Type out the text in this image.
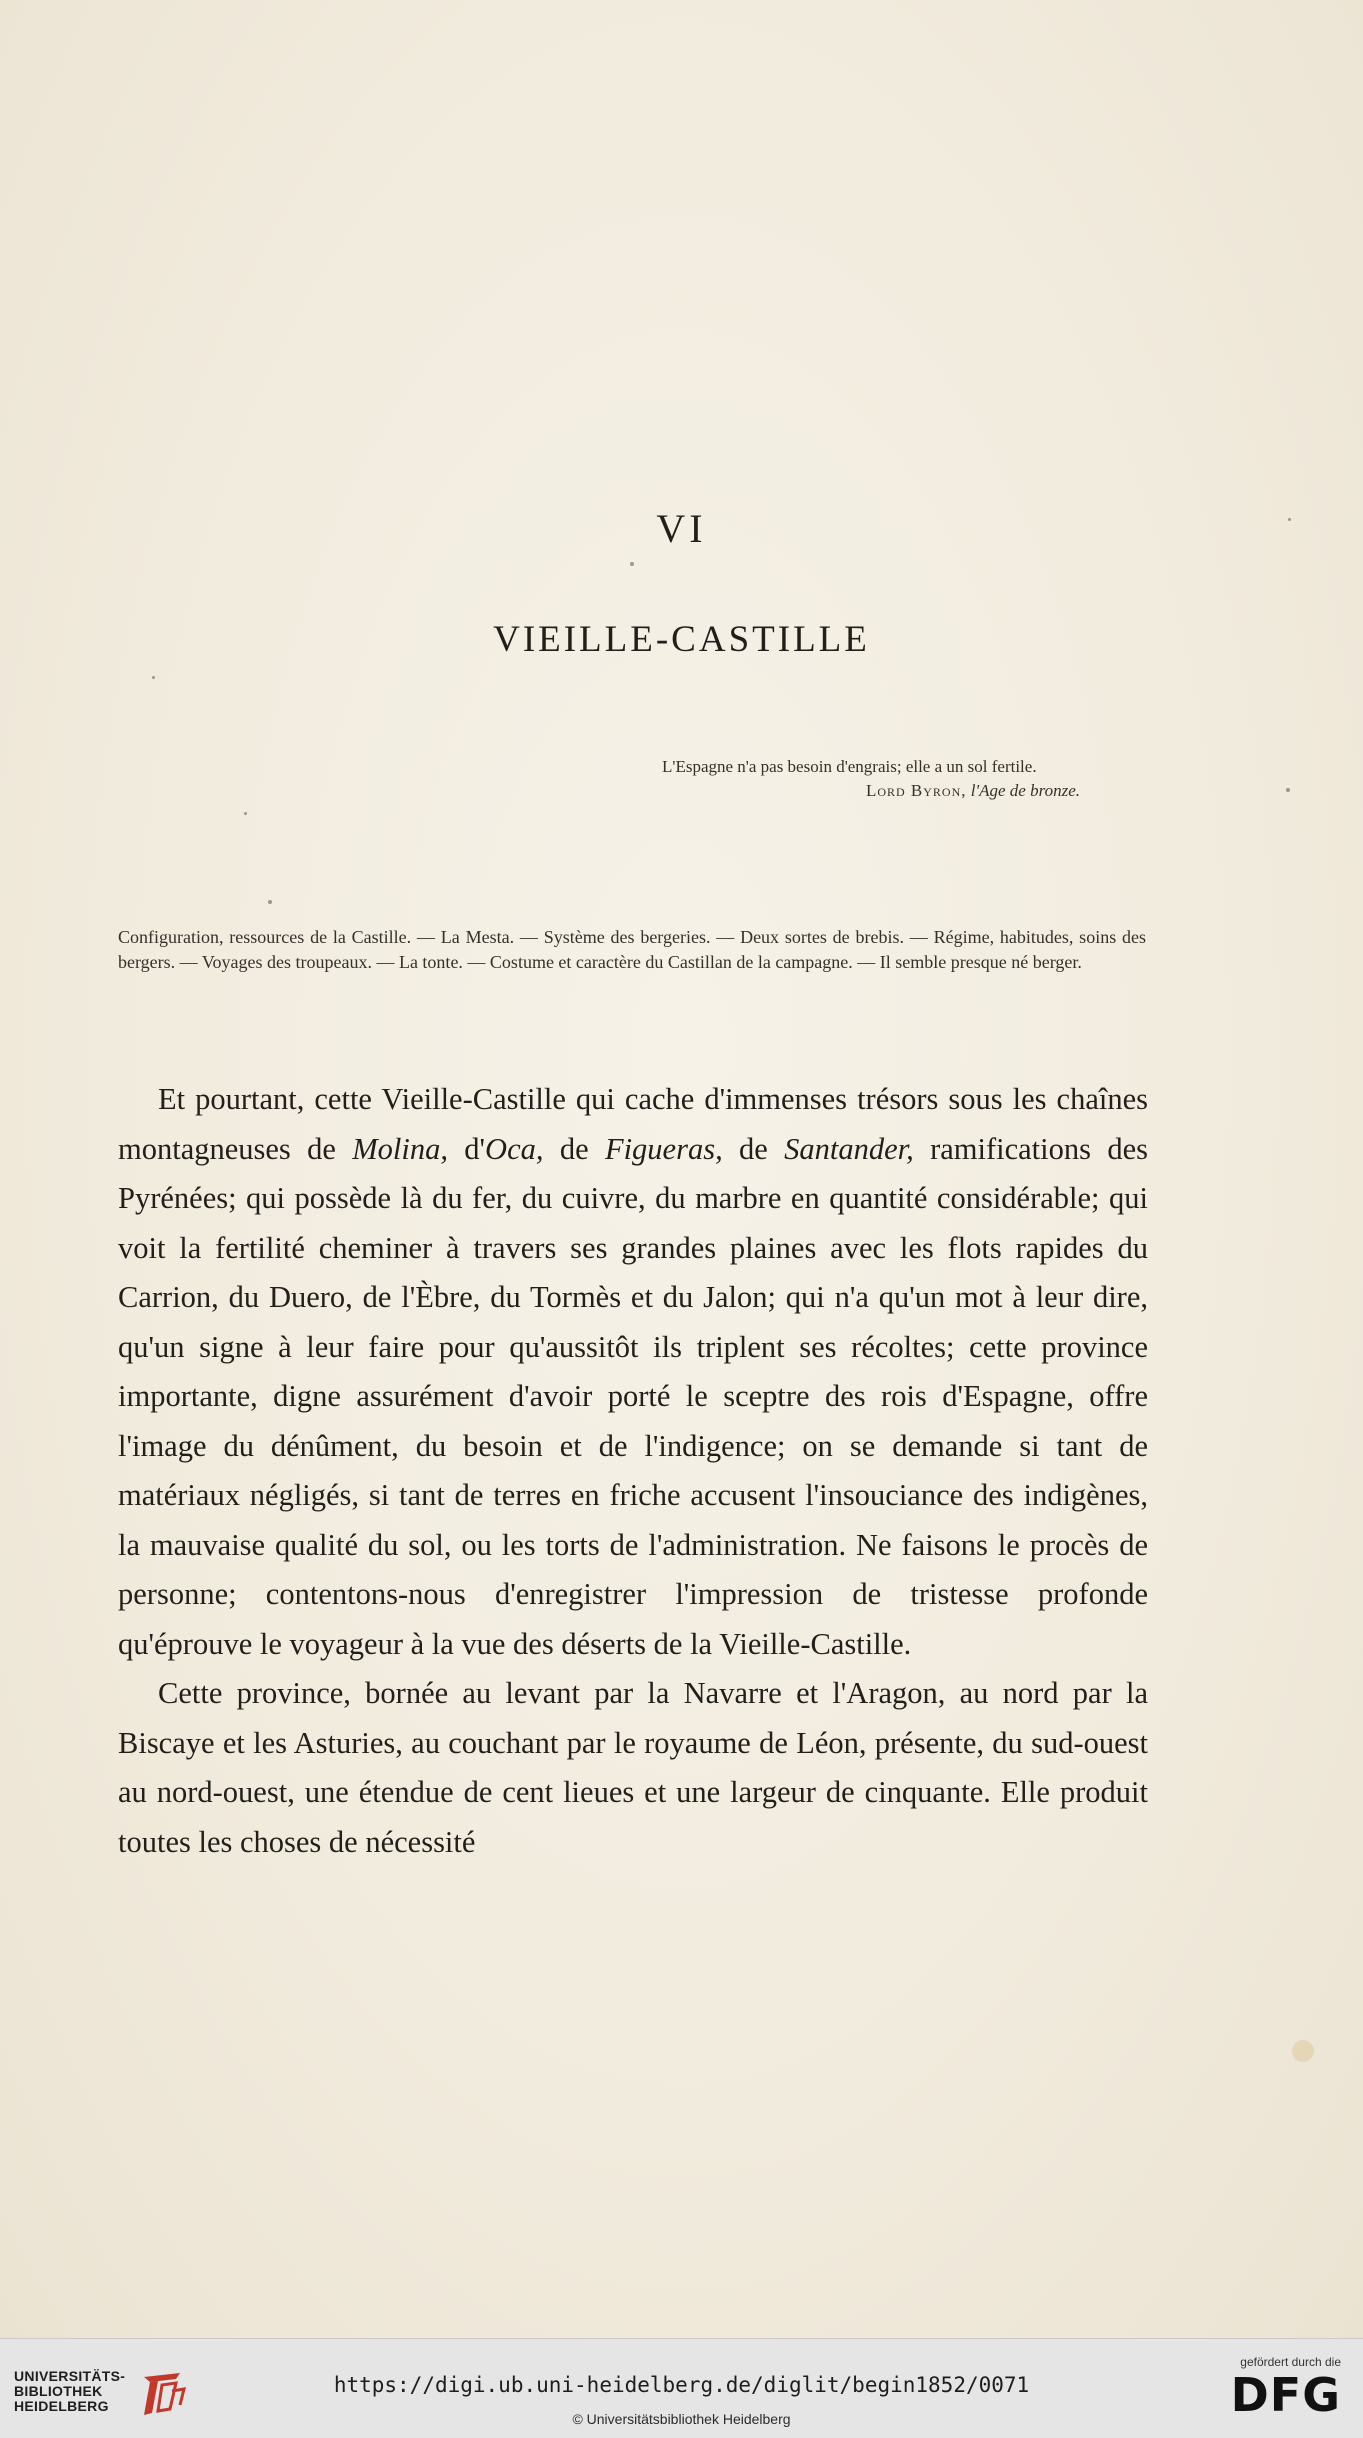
VI
VIEILLE-CASTILLE
L'Espagne n'a pas besoin d'engrais; elle a un sol fertile.
Lord Byron, l'Age de bronze.
Configuration, ressources de la Castille. — La Mesta. — Système des bergeries. — Deux sortes de brebis. — Régime, habitudes, soins des bergers. — Voyages des troupeaux. — La tonte. — Costume et caractère du Castillan de la campagne. — Il semble presque né berger.

Et pourtant, cette Vieille-Castille qui cache d'immenses trésors sous les chaînes montagneuses de Molina, d'Oca, de Figueras, de Santander, ramifications des Pyrénées; qui possède là du fer, du cuivre, du marbre en quantité considérable; qui voit la fertilité cheminer à travers ses grandes plaines avec les flots rapides du Carrion, du Duero, de l'Èbre, du Tormès et du Jalon; qui n'a qu'un mot à leur dire, qu'un signe à leur faire pour qu'aussitôt ils triplent ses récoltes; cette province importante, digne assurément d'avoir porté le sceptre des rois d'Espagne, offre l'image du dénûment, du besoin et de l'indigence; on se demande si tant de matériaux négligés, si tant de terres en friche accusent l'insouciance des indigènes, la mauvaise qualité du sol, ou les torts de l'administration. Ne faisons le procès de personne; contentons-nous d'enregistrer l'impression de tristesse profonde qu'éprouve le voyageur à la vue des déserts de la Vieille-Castille.

Cette province, bornée au levant par la Navarre et l'Aragon, au nord par la Biscaye et les Asturies, au couchant par le royaume de Léon, présente, du sud-ouest au nord-ouest, une étendue de cent lieues et une largeur de cinquante. Elle produit toutes les choses de nécessité

UNIVERSITÄTS-
BIBLIOTHEK
HEIDELBERG
https://digi.ub.uni-heidelberg.de/diglit/begin1852/0071
© Universitätsbibliothek Heidelberg
gefördert durch die
DFG
